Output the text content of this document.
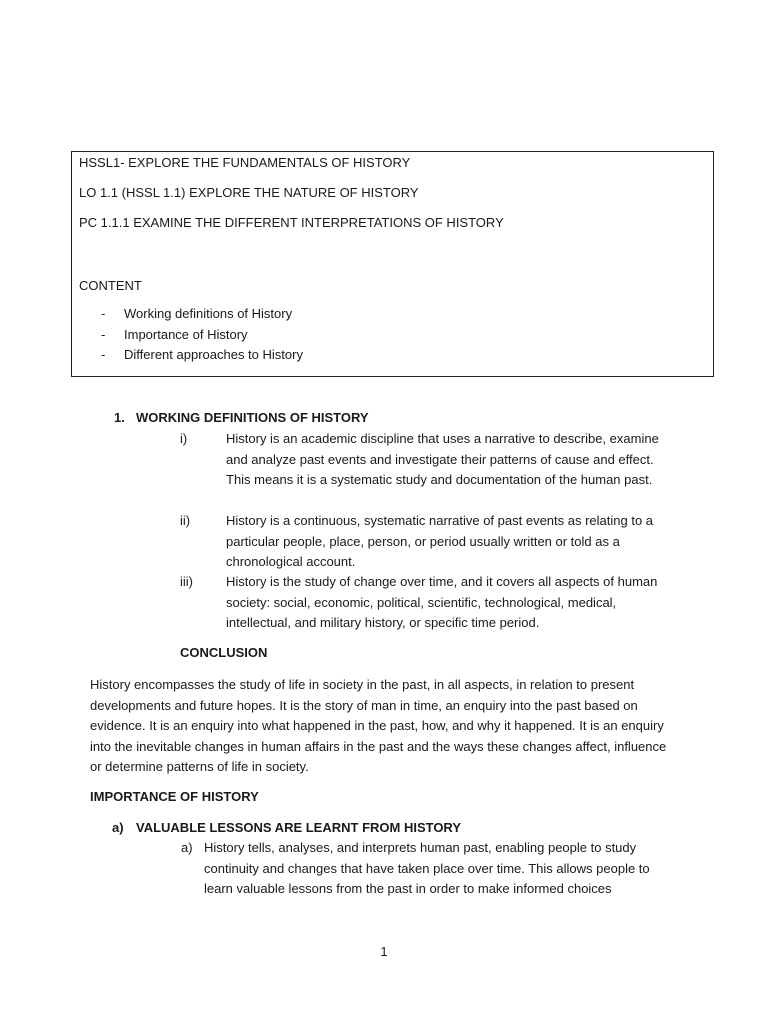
HSSL1- EXPLORE THE FUNDAMENTALS OF HISTORY
LO 1.1 (HSSL 1.1) EXPLORE THE NATURE OF HISTORY
PC 1.1.1 EXAMINE THE DIFFERENT INTERPRETATIONS OF HISTORY
CONTENT
- Working definitions of History
- Importance of History
- Different approaches to History
1. WORKING DEFINITIONS OF HISTORY
i)	History is an academic discipline that uses a narrative to describe, examine and analyze past events and investigate their patterns of cause and effect. This means it is a systematic study and documentation of the human past.
ii)	History is a continuous, systematic narrative of past events as relating to a particular people, place, person, or period usually written or told as a chronological account.
iii)	History is the study of change over time, and it covers all aspects of human society: social, economic, political, scientific, technological, medical, intellectual, and military history, or specific time period.
CONCLUSION
History encompasses the study of life in society in the past, in all aspects, in relation to present developments and future hopes. It is the story of man in time, an enquiry into the past based on evidence. It is an enquiry into what happened in the past, how, and why it happened. It is an enquiry into the inevitable changes in human affairs in the past and the ways these changes affect, influence or determine patterns of life in society.
IMPORTANCE OF HISTORY
a) VALUABLE LESSONS ARE LEARNT FROM HISTORY
a) History tells, analyses, and interprets human past, enabling people to study continuity and changes that have taken place over time. This allows people to learn valuable lessons from the past in order to make informed choices
1
